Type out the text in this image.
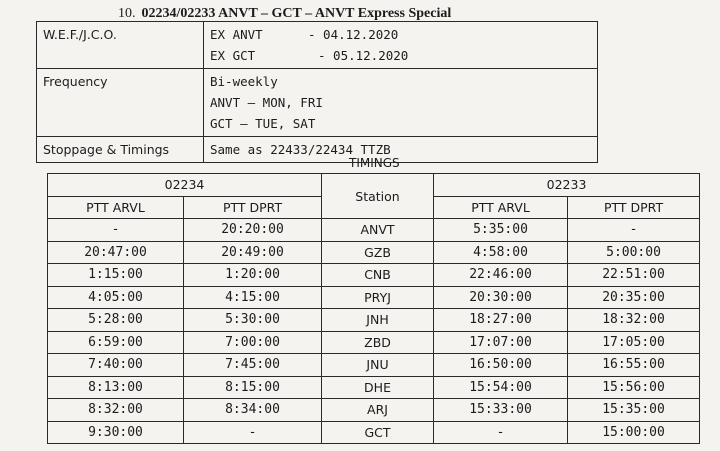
10. 02234/02233 ANVT – GCT – ANVT Express Special
W.E.F./J.C.O.	EX ANVT - 04.12.2020
EX GCT - 05.12.2020

Frequency	Bi-weekly
ANVT – MON, FRI
GCT – TUE, SAT

Stoppage & Timings	Same as 22433/22434 TTZB
TIMINGS
02234		Station	02233	
PTT ARVL	PTT DPRT		PTT ARVL	PTT DPRT
-	20:20:00	ANVT	5:35:00	-
20:47:00	20:49:00	GZB	4:58:00	5:00:00
1:15:00	1:20:00	CNB	22:46:00	22:51:00
4:05:00	4:15:00	PRYJ	20:30:00	20:35:00
5:28:00	5:30:00	JNH	18:27:00	18:32:00
6:59:00	7:00:00	ZBD	17:07:00	17:05:00
7:40:00	7:45:00	JNU	16:50:00	16:55:00
8:13:00	8:15:00	DHE	15:54:00	15:56:00
8:32:00	8:34:00	ARJ	15:33:00	15:35:00
9:30:00	-	GCT	-	15:00:00
